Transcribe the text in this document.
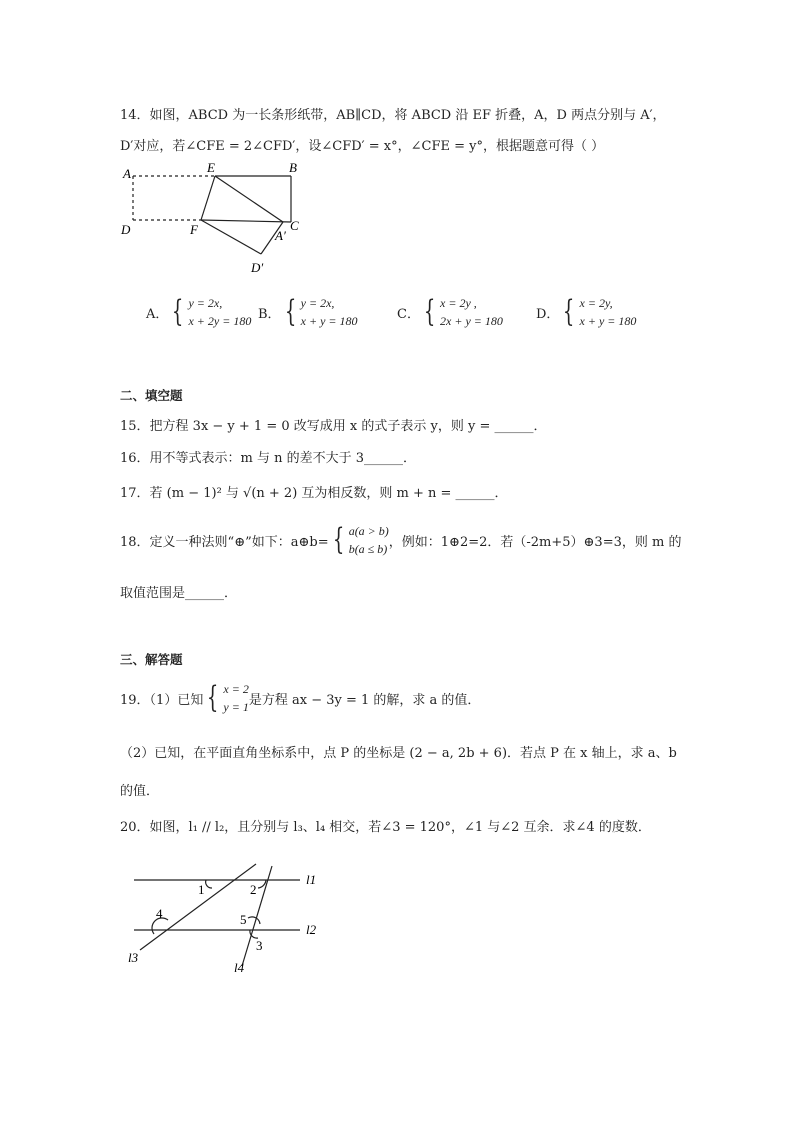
14．如图，ABCD 为一长条形纸带，AB∥CD，将 ABCD 沿 EF 折叠，A，D 两点分别与 A′，
D′对应，若∠CFE = 2∠CFD′，设∠CFD′ = x°，∠CFE = y°，根据题意可得（ ）
A	E	B
D	F	C
A′
D′
A． { y = 2x,
x + 2y = 180 B． { y = 2x,
x + y = 180	C． { x = 2y ,
2x + y = 180	D． { x = 2y,
x + y = 180
二、填空题
15．把方程 3x − y + 1 = 0 改写成用 x 的式子表示 y，则 y = ______．
16．用不等式表示：m 与 n 的差不大于 3______．
17．若 (m − 1)² 与 √(n + 2) 互为相反数，则 m + n = ______．
18．定义一种法则“⊕”如下：a⊕b= { a(a > b)
b(a ≤ b) ，例如：1⊕2=2．若（-2m+5）⊕3=3，则 m 的
取值范围是______．
三、解答题
19．（1）已知 { x = 2
y = 1 是方程 ax − 3y = 1 的解，求 a 的值．
（2）已知，在平面直角坐标系中，点 P 的坐标是 (2 − a, 2b + 6)．若点 P 在 x 轴上，求 a、b
的值．
20．如图，l₁ // l₂，且分别与 l₃、l₄ 相交，若∠3 = 120°，∠1 与∠2 互余．求∠4 的度数．
l1
l2
l3
l4
1	2
3
4	5
